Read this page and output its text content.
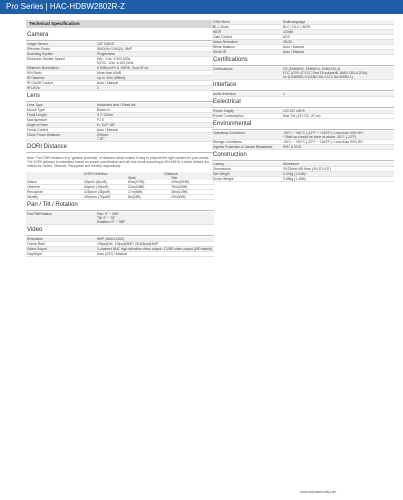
Pro Series | HAC-HDBW2802R-Z
Technical Specification
Camera
Image Sensor	1/2" CMOS
Effective Pixels	3840(H)×2160(V), 8MP
Scanning System	Progressive
Electronic Shutter Speed	PAL: 1/4s~1/100,000s
NTSC: 1/3s~1/100,000s
Minimum Illumination	0.005Lux/F1.5, 30IRE, 0Lux IR on
S/N Ratio	More than 65dB
IR Distance	Up to 30m (98feet)
IR On/Off Control	Auto / Manual
IR LEDs	2
Lens
Lens Type	Motorized lens / Fixed iris
Mount Type	Board-in
Focal Length	3.7~11mm
Max Aperture	F1.5
Angle of View	H: 112°~46°
Focus Control	Auto / Manual
Close Focus Distance	200mm
7.87"
DORI Distance
Note: The DORI distance is a "general proximity" of distance which makes it easy to pinpoint the right camera for your needs. The DORI distance is calculated based on sensor specification and lab test result according to EN 62676-4 which defines the criteria for Detect, Observe, Recognize and Identify respectively.
DORI Definition	Distance
Wide	Tele
Detect	25px/m (8px/ft)	83m(272ft)	190m(623ft)
Observe	63px/m (19px/ft)	33m(108ft)	76m(249ft)
Recognize	125px/m (38px/ft)	17m(56ft)	38m(125ft)
Identify	250px/m (76px/ft)	8m(26ft)	19m(62ft)
Pan / Tilt / Rotation
Pan/Tilt/Rotation	Pan: 0° ~ 355°
Tilt: 0° ~ 75°
Rotation: 0° ~ 355°
Video
Resolution	8MP (3840×2160)
Frame Rate	15fps@4K, 10fps@8MP, 25/30fps@4MP
Video Output	1-channel BNC high definition video output / CVBS video output (DIP switch)
Day/Night	Auto (ICR) / Manual
OSD Menu	Multi-language
BLC Mode	BLC / HLC / WDR
WDR	120dB
Gain Control	AGC
Noise Reduction	2D/3D
White Balance	Auto / Manual
Smart IR	Auto / Manual
Certifications
Certifications	CE (EN55032, EN55024, EN50130-4)
FCC (CFR 47 FCC Part 15 subpartB, ANSI C63.4-2014)
UL (UL60950-1+CAN/CSA C22.2 No.60950-1)
Interface
Audio Interface	1
Eelectrical
Power Supply	12V DC ±30%
Power Consumption	Max 7W (12V DC, IR on)
Environmental
Operating Conditions	-30°C ~ +60°C (-22°F ~ +140°F) / Less than 90% RH
* Start up should be done at above -30°C (-22°F)
Storage Conditions	-30°C ~ +60°C (-22°F ~ +140°F) / Less than 90% RH
Ingress Protection & Vandal Resistance	IP67 & IK10
Construction
Casing	Aluminium
Dimensions	Φ122mm×88.9mm (Φ4.8"×3.5")
Net Weight	0.47kg (1.04lb)
Gross Weight	0.69kg (1.45lb)
www.dahuasecurity.com
